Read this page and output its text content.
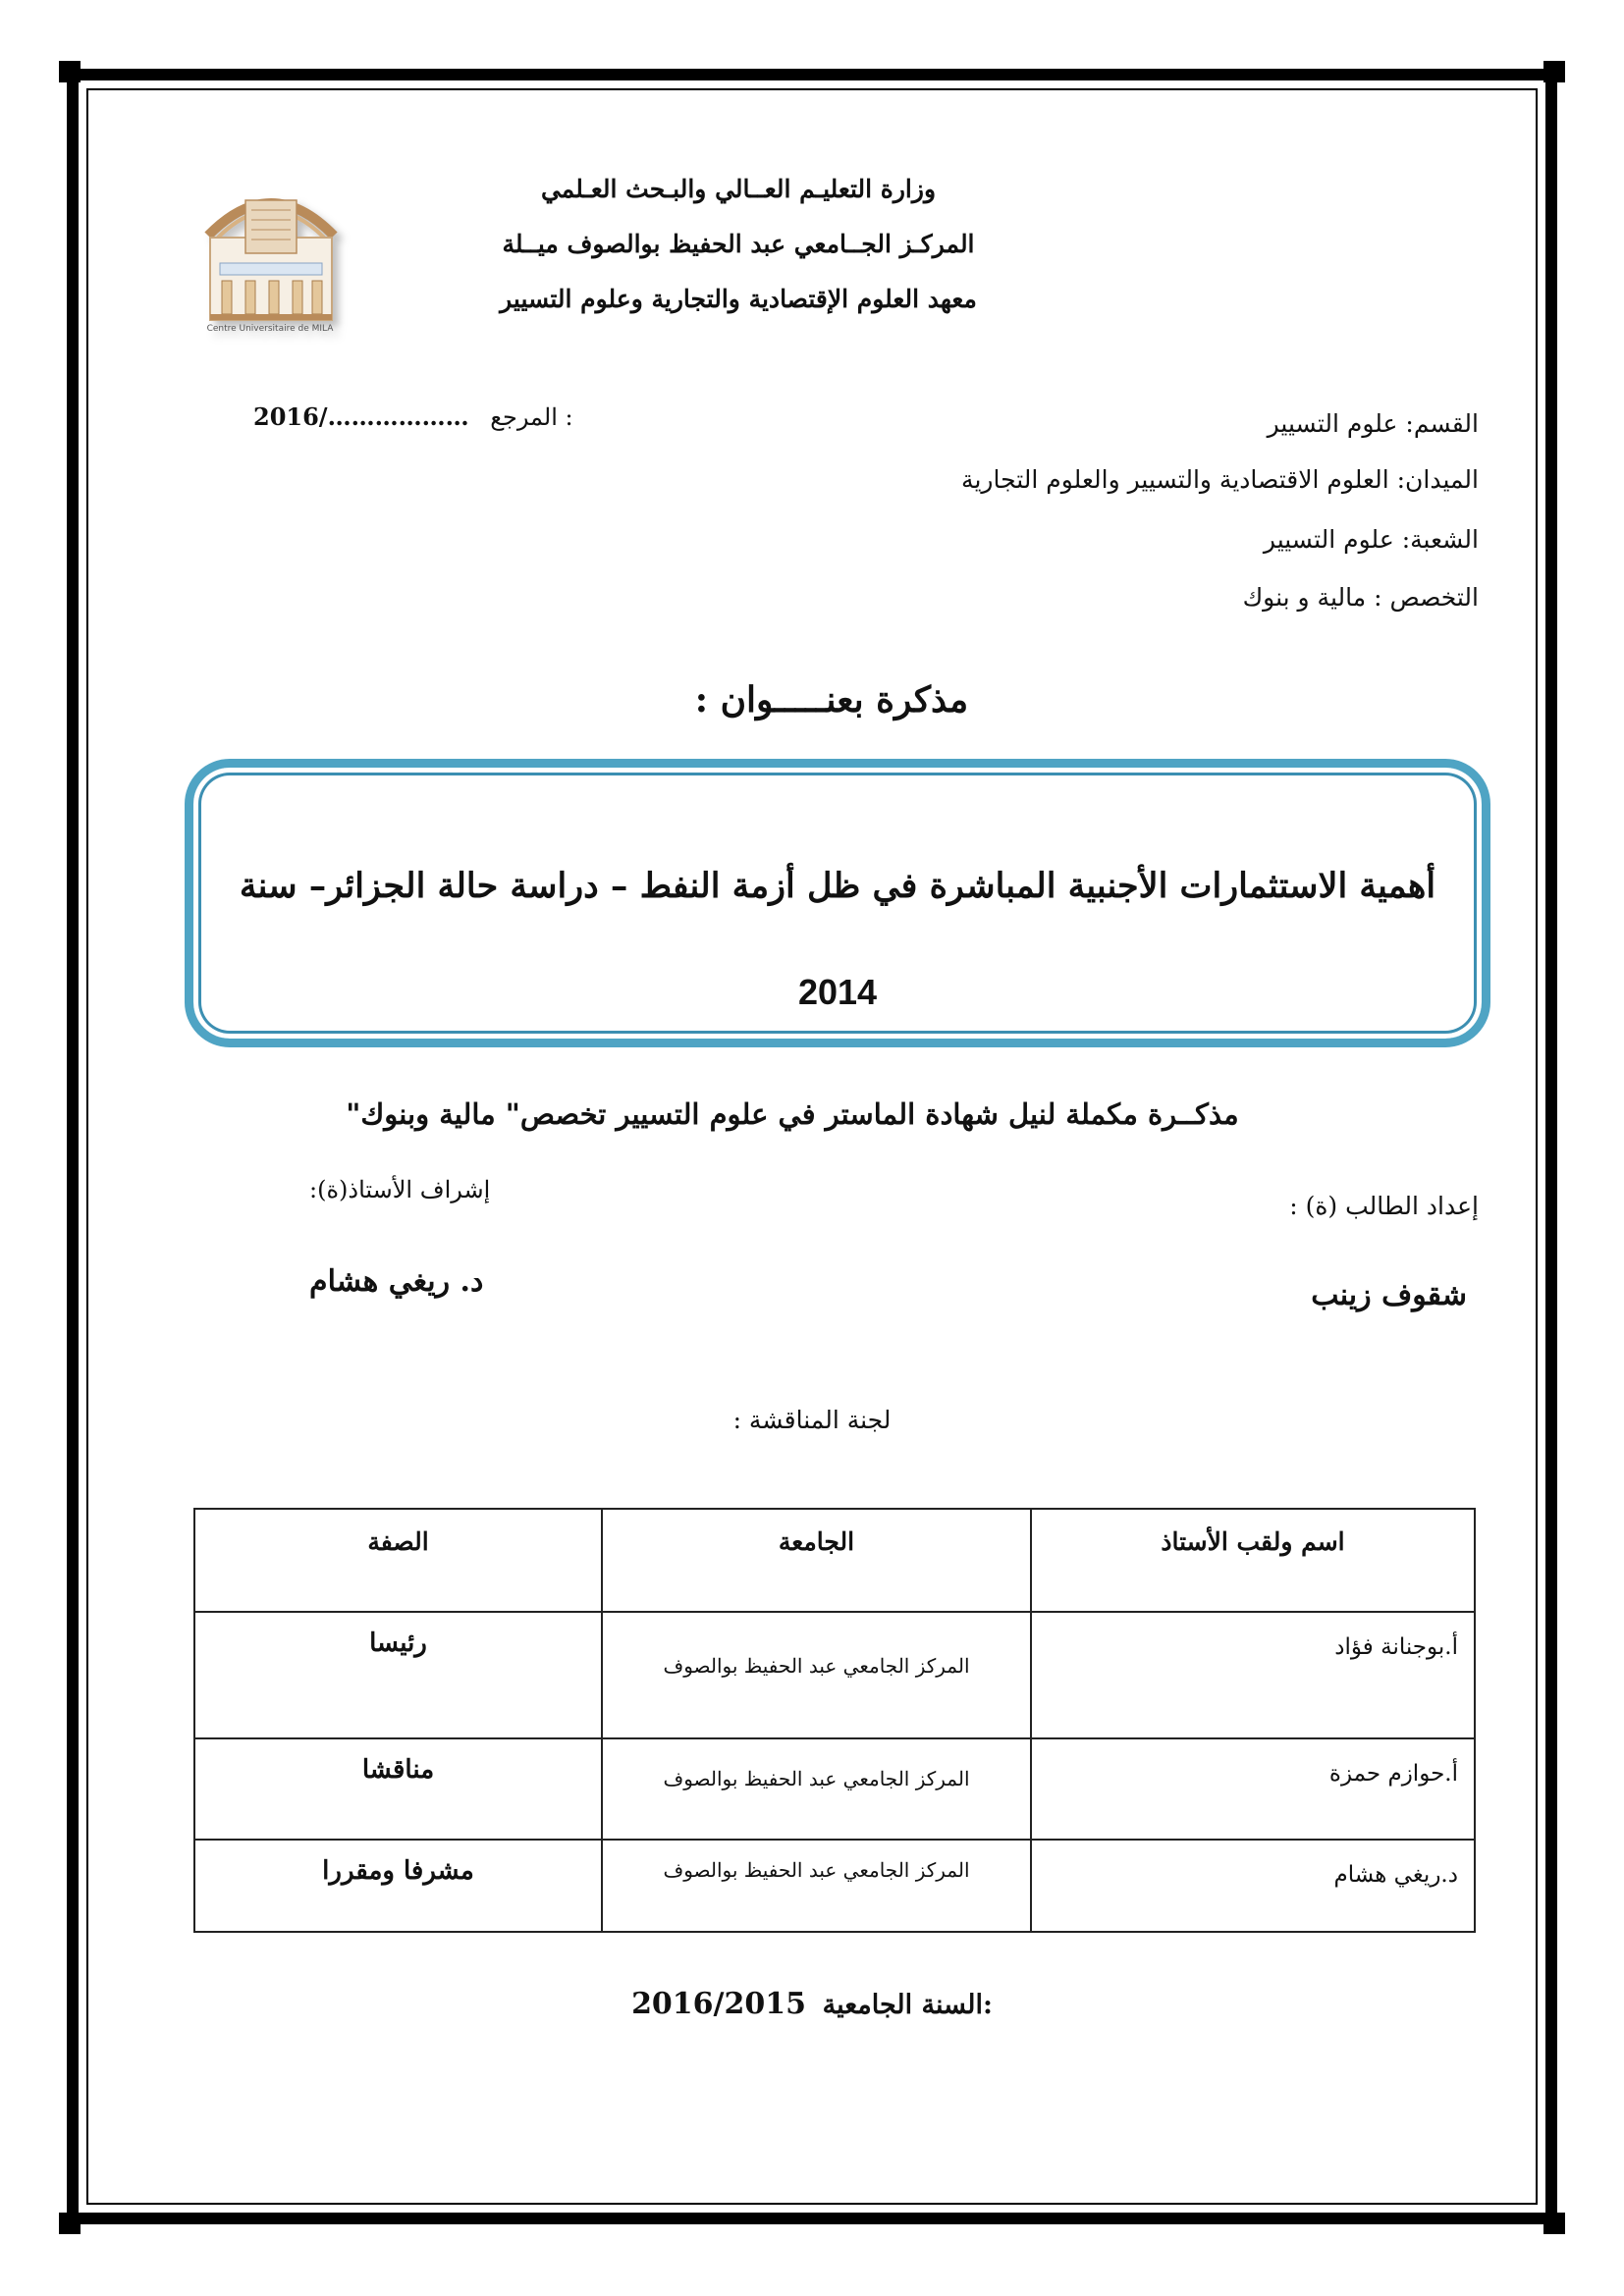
Centre Universitaire de MILA
وزارة التعليـم العــالي والبـحث العـلمي
المركـز الجــامعي عبد الحفيظ بوالصوف ميــلة
معهد العلوم الإقتصادية والتجارية وعلوم التسيير
2016/……………… المرجع :	القسم: علوم التسيير
الميدان: العلوم الاقتصادية والتسيير والعلوم التجارية
الشعبة: علوم التسيير
التخصص : مالية و بنوك
مذكرة بعنـــــوان :
أهمية الاستثمارات الأجنبية المباشرة في ظل أزمة النفط – دراسة حالة الجزائر– سنة
2014
مذكــرة مكملة لنيل شهادة الماستر في علوم التسيير تخصص" مالية وبنوك"
إعداد الطالب (ة) :
إشراف الأستاذ(ة):
شقوف زينب
د. ريغي هشام
لجنة المناقشة :
اسم ولقب الأستاذ	الجامعة	الصفة
أ.بوجنانة فؤاد	المركز الجامعي عبد الحفيظ بوالصوف	رئيسا
أ.حوازم حمزة	المركز الجامعي عبد الحفيظ بوالصوف	مناقشا
د.ريغي هشام	المركز الجامعي عبد الحفيظ بوالصوف	مشرفا ومقررا
2016/2015 السنة الجامعية:
